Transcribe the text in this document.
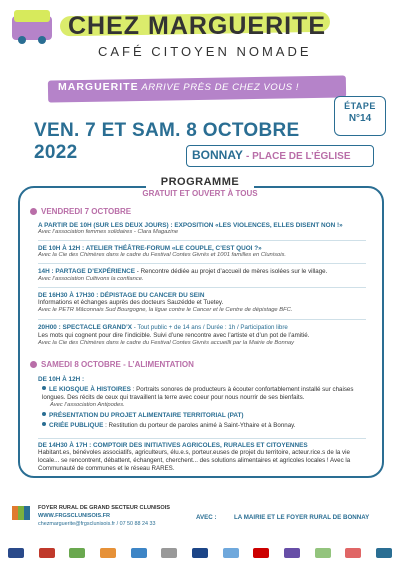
CHEZ MARGUERITE
CAFÉ CITOYEN NOMADE
MARGUERITE ARRIVE PRÈS DE CHEZ VOUS !
ÉTAPE
N°14
VEN. 7 ET SAM. 8 OCTOBRE 2022	BONNAY - PLACE DE L’ÉGLISE
PROGRAMME
GRATUIT ET OUVERT À TOUS
VENDREDI 7 OCTOBRE
A PARTIR DE 10H (SUR LES DEUX JOURS) : EXPOSITION «LES VIOLENCES, ELLES DISENT NON !»
Avec l’association femmes solidaires - Clara Magazine
DE 10H À 12H : ATELIER THÉÂTRE-FORUM «LE COUPLE, C’EST QUOI ?»
Avec la Cie des Chimères dans le cadre du Festival Contes Givrés et 1001 familles en Clunisois.
14H : PARTAGE D’EXPÉRIENCE - Rencontre dédiée au projet d’accueil de mères isolées sur le village.
Avec l’association Cultivons la confiance.
DE 16H30 À 17H30 : DÉPISTAGE DU CANCER DU SEIN
Informations et échanges auprès des docteurs Sauzédde et Tuetey.
Avec le PETR Mâconnais Sud Bourgogne, la ligue contre le Cancer et le Centre de dépistage BFC.
20H00 : SPECTACLE GRAND’X - Tout public + de 14 ans / Durée : 1h / Participation libre
Les mots qui cognent pour dire l’indicible. Suivi d’une rencontre avec l’artiste et d’un pot de l’amitié.
Avec la Cie des Chimères dans le cadre du Festival Contes Givrés accueilli par la Mairie de Bonnay
SAMEDI 8 OCTOBRE - L’ALIMENTATION
DE 10H À 12H :
LE KIOSQUE À HISTOIRES : Portraits sonores de producteurs à écouter confortablement installé sur chaises longues. Des récits de ceux qui travaillent la terre avec coeur pour nous nourrir de ses bienfaits.
Avec l’association Antipodes.
PRÉSENTATION DU PROJET ALIMENTAIRE TERRITORIAL (PAT)
CRIÉE PUBLIQUE : Restitution du porteur de paroles animé à Saint-Ythaire et à Bonnay.
DE 14H30 À 17H : COMPTOIR DES INITIATIVES AGRICOLES, RURALES ET CITOYENNES
Habitant.es, bénévoles associatifs, agriculteurs, élu.e.s, porteur.euses de projet du territoire, acteur.rice.s de la vie locale... se rencontrent, débattent, échangent, cherchent... des solutions alimentaires et agricoles locales ! Avec la Communauté de communes et le réseau RARES.
FOYER RURAL DE GRAND SECTEUR CLUNISOIS
WWW.FRGSCLUNISOIS.FR
chezmarguerite@frgsclunisois.fr / 07 50 88 24 33
AVEC :	LA MAIRIE ET LE FOYER RURAL DE BONNAY
